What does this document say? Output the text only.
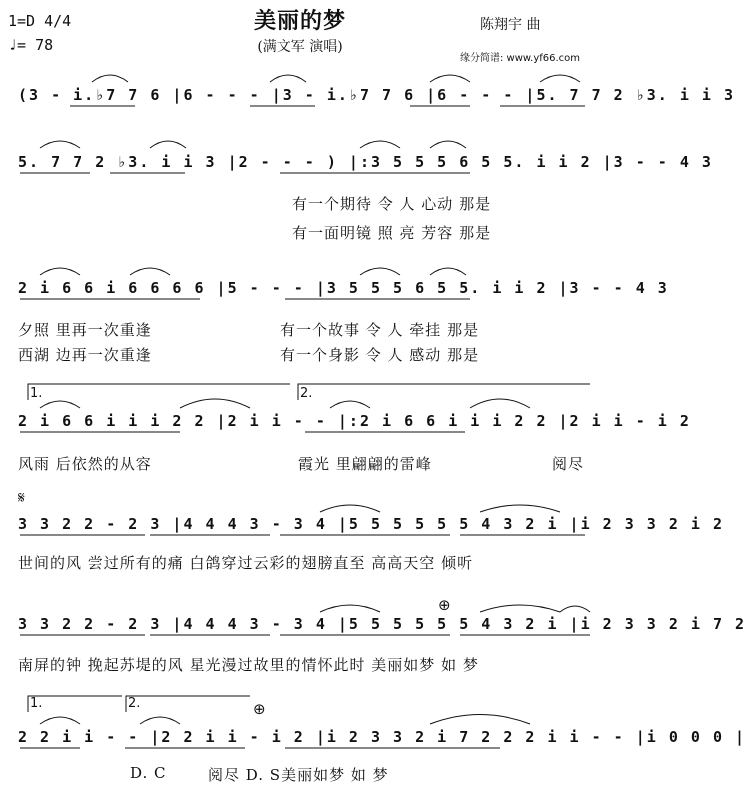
美丽的梦
(满文军 演唱)
1=D 4/4
♩= 78
陈翔宇 曲
缘分简谱: www.yf66.com
(3 - i.♭7 7 6 |6 - - - |3 - i.♭7 7 6 |6 - - - |5. 7 7 2 ♭3. i i 3
5. 7 7 2 ♭3. i i 3 |2 - - - ) |:3 5 5 5 6 5 5. i i 2 |3 - - 4 3
有一个期待 令 人 心动 那是
有一面明镜 照 亮 芳容 那是
2 i 6 6 i 6 6 6 6 |5 - - - |3 5 5 5 6 5 5. i i 2 |3 - - 4 3
夕照 里再一次重逢
西湖 边再一次重逢
有一个故事 令 人 牵挂 那是
有一个身影 令 人 感动 那是
1.	2.
2 i 6 6 i i i 2 2 |2 i i - - |:2 i 6 6 i i i 2 2 |2 i i - i 2
风雨 后依然的从容	霞光 里翩翩的雷峰	阅尽
𝄋
3 3 2 2 - 2 3 |4 4 4 3 - 3 4 |5 5 5 5 5 5 4 3 2 i |i 2 3 3 2 i 2
世间的风 尝过所有的痛 白鸽穿过云彩的翅膀直至 高高天空 倾听
⊕
3 3 2 2 - 2 3 |4 4 4 3 - 3 4 |5 5 5 5 5 5 4 3 2 i |i 2 3 3 2 i 7 2
南屏的钟 挽起苏堤的风 星光漫过故里的情怀此时 美丽如梦 如 梦
1.	2.	⊕
2 2 i i - - |2 2 i i - i 2 |i 2 3 3 2 i 7 2 2 2 i i - - |i 0 0 0 |
D. C	阅尽 D. S美丽如梦 如 梦
